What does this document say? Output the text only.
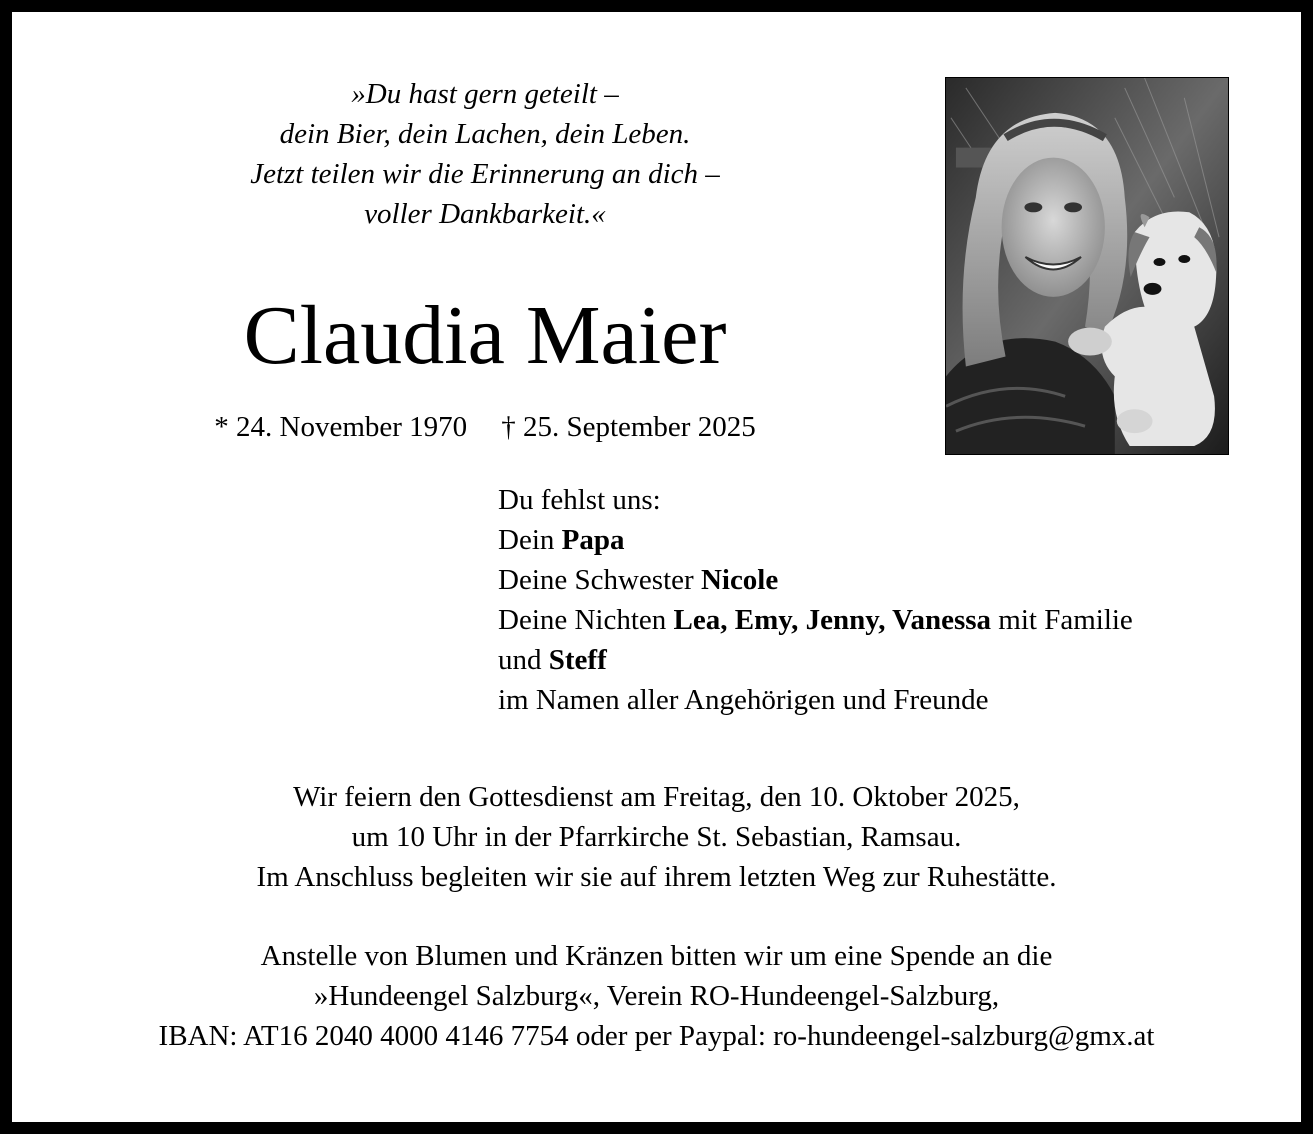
»Du hast gern geteilt –
dein Bier, dein Lachen, dein Leben.
Jetzt teilen wir die Erinnerung an dich –
voller Dankbarkeit.«
Claudia Maier
* 24. November 1970 † 25. September 2025
Du fehlst uns:
Dein Papa
Deine Schwester Nicole
Deine Nichten Lea, Emy, Jenny, Vanessa mit Familie
und Steff
im Namen aller Angehörigen und Freunde
Wir feiern den Gottesdienst am Freitag, den 10. Oktober 2025,
um 10 Uhr in der Pfarrkirche St. Sebastian, Ramsau.
Im Anschluss begleiten wir sie auf ihrem letzten Weg zur Ruhestätte.
Anstelle von Blumen und Kränzen bitten wir um eine Spende an die
»Hundeengel Salzburg«, Verein RO-Hundeengel-Salzburg,
IBAN: AT16 2040 4000 4146 7754 oder per Paypal: ro-hundeengel-salzburg@gmx.at
